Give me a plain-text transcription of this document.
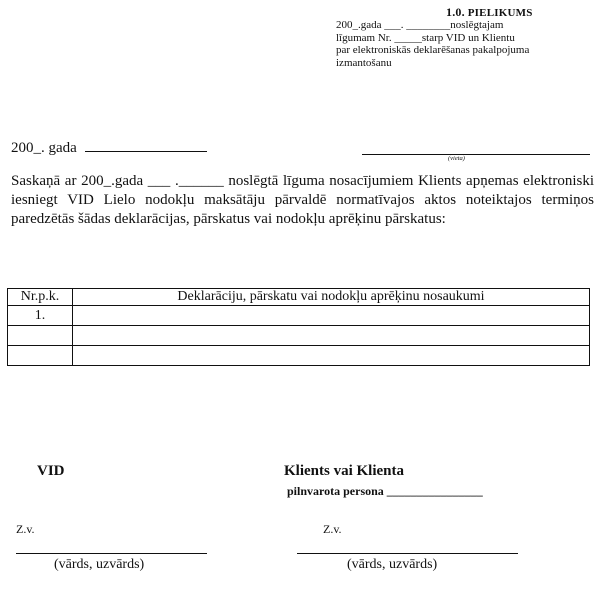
1.0. PIELIKUMS
200_.gada ___. ________noslēgtajam
līgumam Nr. _____starp VID un Klientu
par elektroniskās deklarēšanas pakalpojuma
izmantošanu
200_. gada
(vieta)

Saskaņā ar 200_.gada ___ .______ noslēgtā līguma nosacījumiem Klients apņemas elektroniski iesniegt VID Lielo nodokļu maksātāju pārvaldē normatīvajos aktos noteiktajos termiņos paredzētās šādas deklarācijas, pārskatus vai nodokļu aprēķinu pārskatus:

Nr.p.k.	Deklarāciju, pārskatu vai nodokļu aprēķinu nosaukumi
1.	

VID	Klients vai Klienta
pilnvarota persona ________________
Z.v.	Z.v.
(vārds, uzvārds)	(vārds, uzvārds)
